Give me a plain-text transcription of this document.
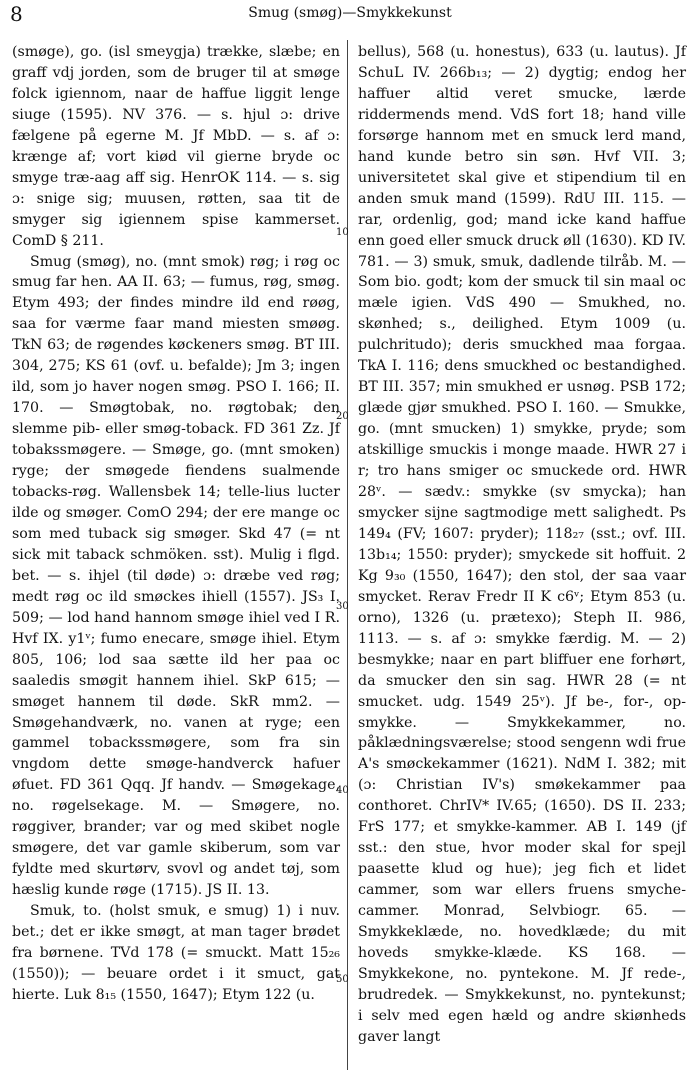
8	Smug (smøg)—Smykkekunst

(smøge), go. (isl smeygja) trække, slæbe; en graff vdj jorden, som de bruger til at smøge folck igiennom, naar de haffue liggit lenge siuge (1595). NV 376. — s. hjul ɔ: drive fælgene på egerne M. Jf MbD. — s. af ɔ: krænge af; vort kiød vil gierne bryde oc smyge træ-aag aff sig. HenrOK 114. — s. sig ɔ: snige sig; muusen, røtten, saa tit de smyger sig igiennem spise kammerset. ComD § 211.

Smug (smøg), no. (mnt smok) røg; i røg oc smug far hen. AA II. 63; — fumus, røg, smøg. Etym 493; der findes mindre ild end røøg, saa for værme faar mand miesten smøøg. TkN 63; de røgendes køckeners smøg. BT III. 304, 275; KS 61 (ovf. u. befalde); Jm 3; ingen ild, som jo haver nogen smøg. PSO I. 166; II. 170. — Smøgtobak, no. røgtobak; den slemme pib- eller smøg-toback. FD 361 Zz. Jf tobakssmøgere. — Smøge, go. (mnt smoken) ryge; der smøgede fiendens sualmende tobacks-røg. Wallensbek 14; telle-lius lucter ilde og smøger. ComO 294; der ere mange oc som med tuback sig smøger. Skd 47 (= nt sick mit taback schmöken. sst). Mulig i flgd. bet. — s. ihjel (til døde) ɔ: dræbe ved røg; medt røg oc ild smøckes ihiell (1557). JS₃ I. 509; — lod hand hannom smøge ihiel ved I R. Hvf IX. y1ᵛ; fumo enecare, smøge ihiel. Etym 805, 106; lod saa sætte ild her paa oc saaledis smøgit hannem ihiel. SkP 615; — smøget hannem til døde. SkR mm2. — Smøgehandværk, no. vanen at ryge; een gammel tobackssmøgere, som fra sin vngdom dette smøge-handverck hafuer øfuet. FD 361 Qqq. Jf handv. — Smøgekage, no. røgelsekage. M. — Smøgere, no. røggiver, brander; var og med skibet nogle smøgere, det var gamle skiberum, som var fyldte med skurtørv, svovl og andet tøj, som hæslig kunde røge (1715). JS II. 13.

Smuk, to. (holst smuk, e smug) 1) i nuv. bet.; det er ikke smøgt, at man tager brødet fra børnene. TVd 178 (= smuckt. Matt 15₂₆ (1550)); — beuare ordet i it smuct, gat hierte. Luk 8₁₅ (1550, 1647); Etym 122 (u.

10
20
30
40
50

bellus), 568 (u. honestus), 633 (u. lautus). Jf SchuL IV. 266b₁₃; — 2) dygtig; endog her haffuer altid veret smucke, lærde riddermends mend. VdS fort 18; hand ville forsørge hannom met en smuck lerd mand, hand kunde betro sin søn. Hvf VII. 3; universitetet skal give et stipendium til en anden smuk mand (1599). RdU III. 115. — rar, ordenlig, god; mand icke kand haffue enn goed eller smuck druck øll (1630). KD IV. 781. — 3) smuk, smuk, dadlende tilråb. M. — Som bio. godt; kom der smuck til sin maal oc mæle igien. VdS 490 — Smukhed, no. skønhed; s., deilighed. Etym 1009 (u. pulchritudo); deris smuckhed maa forgaa. TkA I. 116; dens smuckhed oc bestandighed. BT III. 357; min smukhed er usnøg. PSB 172; glæde gjør smukhed. PSO I. 160. — Smukke, go. (mnt smucken) 1) smykke, pryde; som atskillige smuckis i monge maade. HWR 27 i r; tro hans smiger oc smuckede ord. HWR 28ᵛ. — sædv.: smykke (sv smycka); han smycker sijne sagtmodige mett salighedt. Ps 149₄ (FV; 1607: pryder); 118₂₇ (sst.; ovf. III. 13b₁₄; 1550: pryder); smyckede sit hoffuit. 2 Kg 9₃₀ (1550, 1647); den stol, der saa vaar smycket. Rerav Fredr II K c6ᵛ; Etym 853 (u. orno), 1326 (u. prætexo); Steph II. 986, 1113. — s. af ɔ: smykke færdig. M. — 2) besmykke; naar en part bliffuer ene forhørt, da smucker den sin sag. HWR 28 (= nt smucket. udg. 1549 25ᵛ). Jf be-, for-, op- smykke. — Smykkekammer, no. påklædningsværelse; stood sengenn wdi frue A's smøckekammer (1621). NdM I. 382; mit (ɔ: Christian IV's) smøkekammer paa conthoret. ChrIV* IV.65; (1650). DS II. 233; FrS 177; et smykke-kammer. AB I. 149 (jf sst.: den stue, hvor moder skal for spejl paasette klud og hue); jeg fich et lidet cammer, som war ellers fruens smyche-cammer. Monrad, Selvbiogr. 65. — Smykkeklæde, no. hovedklæde; du mit hoveds smykke-klæde. KS 168. — Smykkekone, no. pyntekone. M. Jf rede-, brudredek. — Smykkekunst, no. pyntekunst; i selv med egen hæld og andre skiønheds gaver langt
